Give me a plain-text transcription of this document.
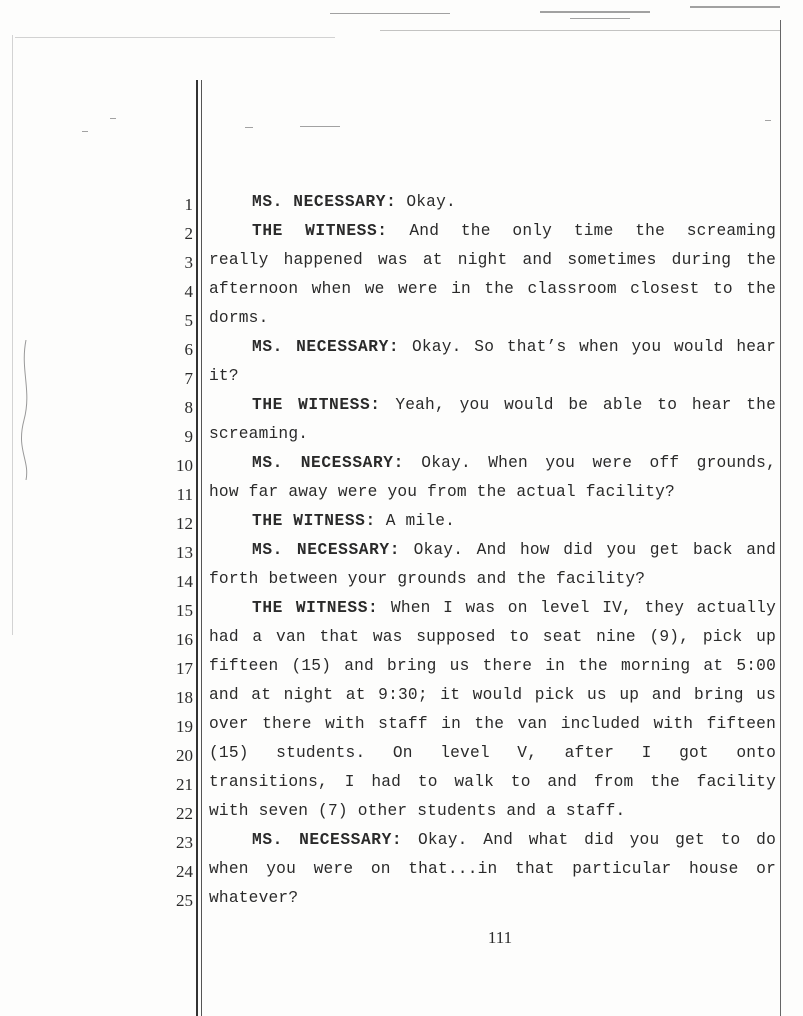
1	MS. NECESSARY: Okay.
2	THE WITNESS: And the only time the screaming
3 really happened was at night and sometimes during the
4 afternoon when we were in the classroom closest to the
5 dorms.
6	MS. NECESSARY: Okay. So that’s when you would hear
7 it?
8	THE WITNESS: Yeah, you would be able to hear the
9 screaming.
10	MS. NECESSARY: Okay. When you were off grounds,
11 how far away were you from the actual facility?
12	THE WITNESS: A mile.
13	MS. NECESSARY: Okay. And how did you get back and
14 forth between your grounds and the facility?
15	THE WITNESS: When I was on level IV, they actually
16 had a van that was supposed to seat nine (9), pick up
17 fifteen (15) and bring us there in the morning at 5:00
18 and at night at 9:30; it would pick us up and bring us
19 over there with staff in the van included with fifteen
20 (15) students. On level V, after I got onto
21 transitions, I had to walk to and from the facility
22 with seven (7) other students and a staff.
23	MS. NECESSARY: Okay. And what did you get to do
24 when you were on that...in that particular house or
25 whatever?
111
